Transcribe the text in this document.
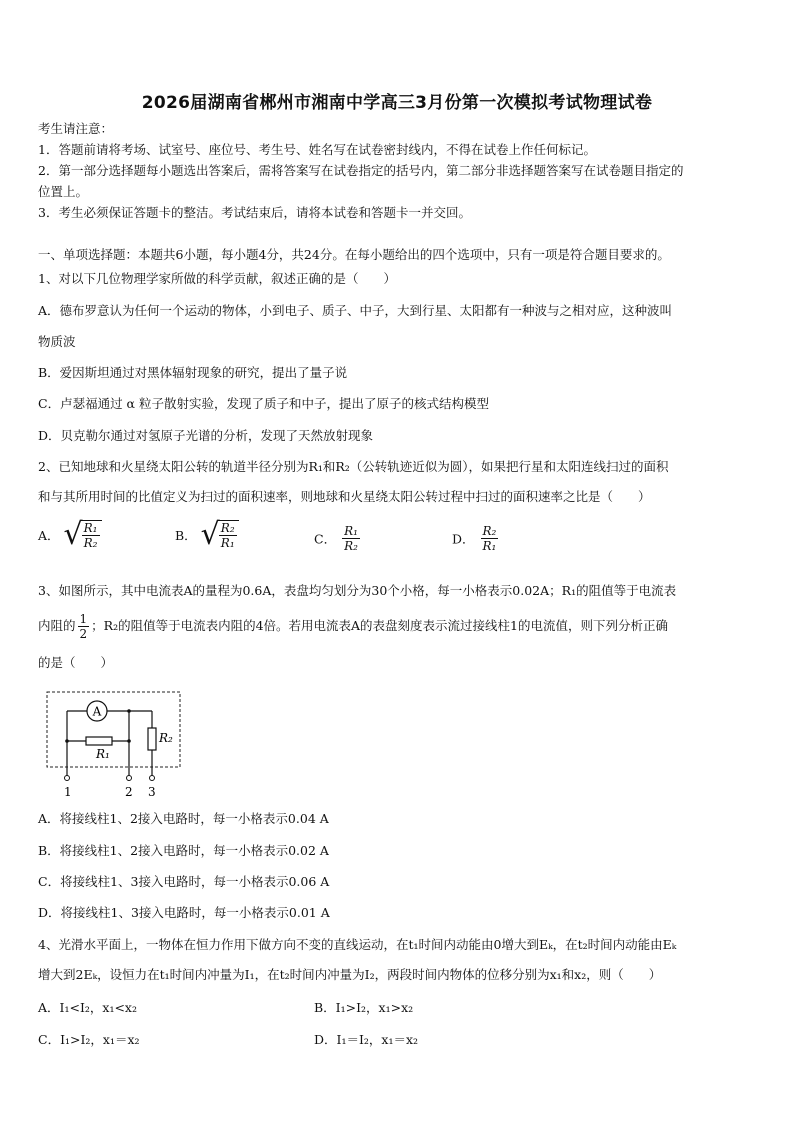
2026届湖南省郴州市湘南中学高三3月份第一次模拟考试物理试卷
考生请注意：
1．答题前请将考场、试室号、座位号、考生号、姓名写在试卷密封线内，不得在试卷上作任何标记。
2．第一部分选择题每小题选出答案后，需将答案写在试卷指定的括号内，第二部分非选择题答案写在试卷题目指定的
位置上。
3．考生必须保证答题卡的整洁。考试结束后，请将本试卷和答题卡一并交回。
一、单项选择题：本题共6小题，每小题4分，共24分。在每小题给出的四个选项中，只有一项是符合题目要求的。
1、对以下几位物理学家所做的科学贡献，叙述正确的是（　　）
A．德布罗意认为任何一个运动的物体，小到电子、质子、中子，大到行星、太阳都有一种波与之相对应，这种波叫
物质波
B．爱因斯坦通过对黑体辐射现象的研究，提出了量子说
C．卢瑟福通过 α 粒子散射实验，发现了质子和中子，提出了原子的核式结构模型
D．贝克勒尔通过对氢原子光谱的分析，发现了天然放射现象
2、已知地球和火星绕太阳公转的轨道半径分别为R₁和R₂（公转轨迹近似为圆），如果把行星和太阳连线扫过的面积
和与其所用时间的比值定义为扫过的面积速率，则地球和火星绕太阳公转过程中扫过的面积速率之比是（　　）
A． √ $\frac{\text{R₁}}{\text{R₂}}$	B． √ $\frac{\text{R₂}}{\text{R₁}}$	C． $\frac{\text{R₁}}{\text{R₂}}$	D． $\frac{\text{R₂}}{\text{R₁}}$
3、如图所示，其中电流表A的量程为0.6A，表盘均匀划分为30个小格，每一小格表示0.02A；R₁的阻值等于电流表
内阻的 $\frac{1}{2}$ ；R₂的阻值等于电流表内阻的4倍。若用电流表A的表盘刻度表示流过接线柱1的电流值，则下列分析正确
的是（　　）
A
R₁
R₂
1	2 3
A．将接线柱1、2接入电路时，每一小格表示0.04 A
B．将接线柱1、2接入电路时，每一小格表示0.02 A
C．将接线柱1、3接入电路时，每一小格表示0.06 A
D．将接线柱1、3接入电路时，每一小格表示0.01 A
4、光滑水平面上，一物体在恒力作用下做方向不变的直线运动，在t₁时间内动能由0增大到Eₖ，在t₂时间内动能由Eₖ
增大到2Eₖ，设恒力在t₁时间内冲量为I₁，在t₂时间内冲量为I₂，两段时间内物体的位移分别为x₁和x₂，则（　　）
A．I₁<I₂，x₁<x₂	B．I₁>I₂，x₁>x₂
C．I₁>I₂，x₁＝x₂	D．I₁＝I₂，x₁＝x₂
